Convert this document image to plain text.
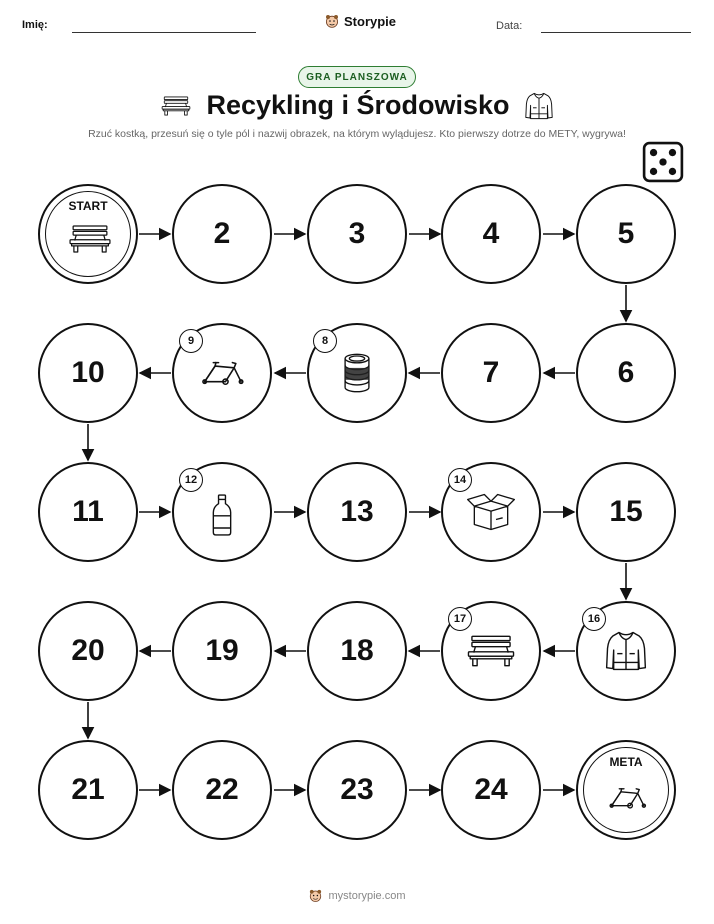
Imię:	Storypie	Data:
GRA PLANSZOWA
Recykling i Środowisko
Rzuć kostką, przesuń się o tyle pól i nazwij obrazek, na którym wylądujesz. Kto pierwszy dotrze do METY, wygrywa!
START
2	3	4	5
10
9	8
7	6
11
12
13
14
15
20	19	18
17	16
21	22	23	24
META
mystorypie.com
